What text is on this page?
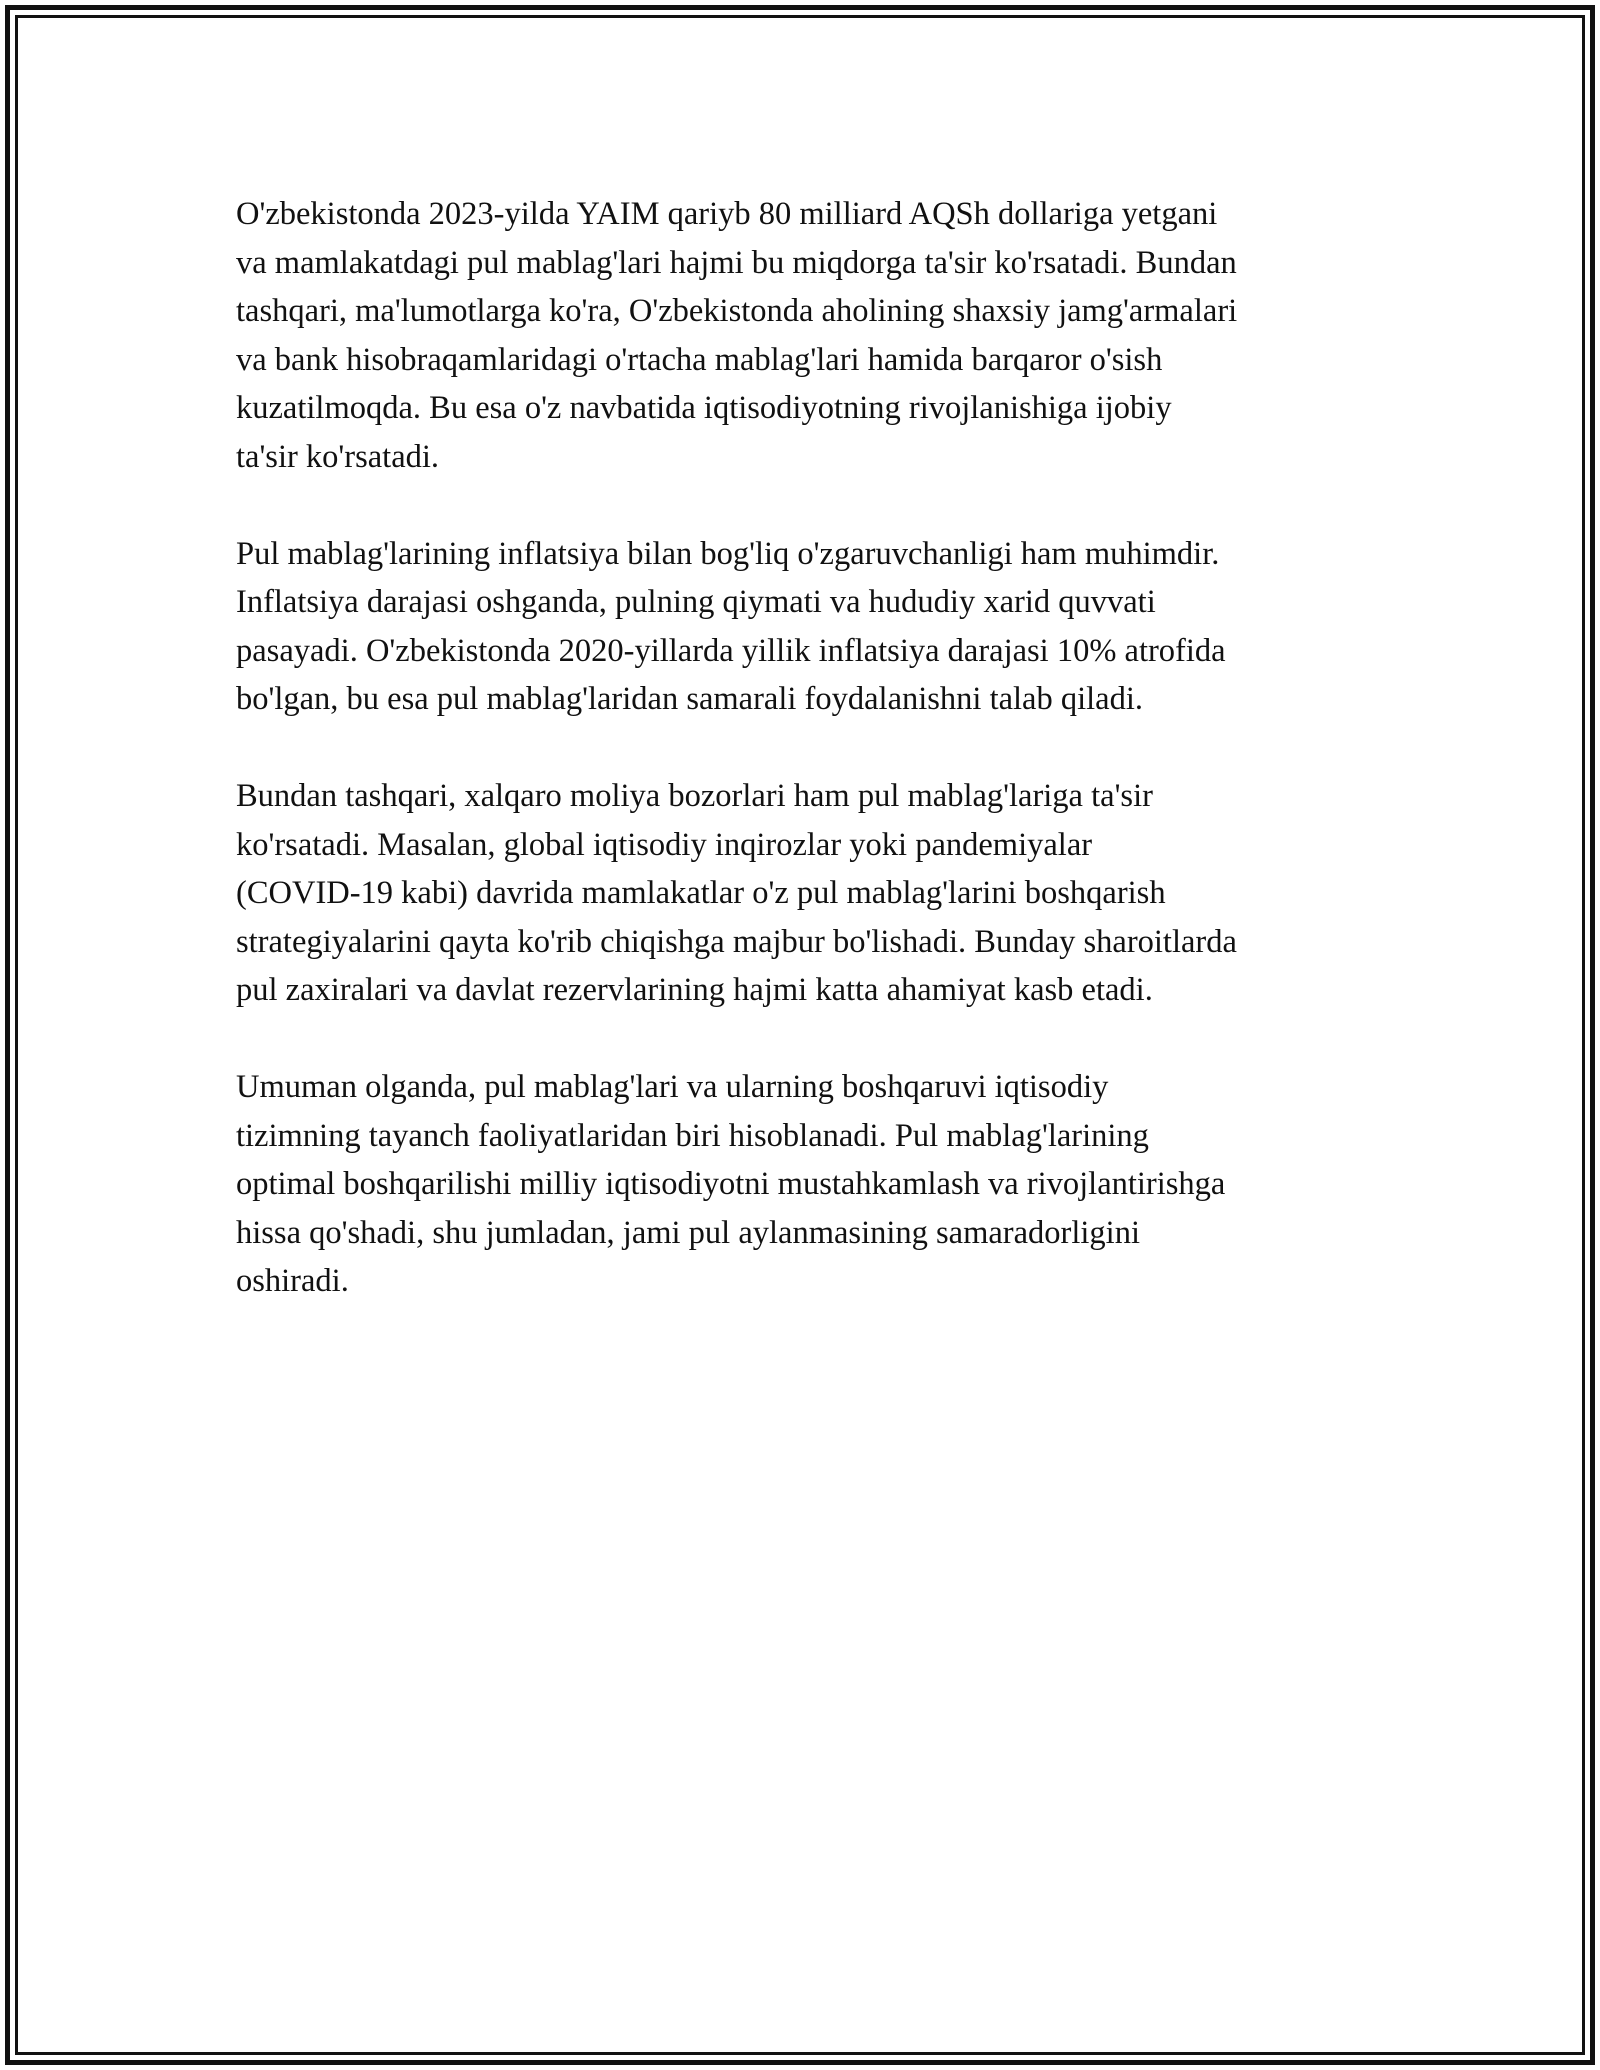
O'zbekistonda 2023-yilda YAIM qariyb 80 milliard AQSh dollariga yetgani
va mamlakatdagi pul mablag'lari hajmi bu miqdorga ta'sir ko'rsatadi. Bundan
tashqari, ma'lumotlarga ko'ra, O'zbekistonda aholining shaxsiy jamg'armalari
va bank hisobraqamlaridagi o'rtacha mablag'lari hamida barqaror o'sish
kuzatilmoqda. Bu esa o'z navbatida iqtisodiyotning rivojlanishiga ijobiy
ta'sir ko'rsatadi.

Pul mablag'larining inflatsiya bilan bog'liq o'zgaruvchanligi ham muhimdir.
Inflatsiya darajasi oshganda, pulning qiymati va hududiy xarid quvvati
pasayadi. O'zbekistonda 2020-yillarda yillik inflatsiya darajasi 10% atrofida
bo'lgan, bu esa pul mablag'laridan samarali foydalanishni talab qiladi.

Bundan tashqari, xalqaro moliya bozorlari ham pul mablag'lariga ta'sir
ko'rsatadi. Masalan, global iqtisodiy inqirozlar yoki pandemiyalar
(COVID-19 kabi) davrida mamlakatlar o'z pul mablag'larini boshqarish
strategiyalarini qayta ko'rib chiqishga majbur bo'lishadi. Bunday sharoitlarda
pul zaxiralari va davlat rezervlarining hajmi katta ahamiyat kasb etadi.

Umuman olganda, pul mablag'lari va ularning boshqaruvi iqtisodiy
tizimning tayanch faoliyatlaridan biri hisoblanadi. Pul mablag'larining
optimal boshqarilishi milliy iqtisodiyotni mustahkamlash va rivojlantirishga
hissa qo'shadi, shu jumladan, jami pul aylanmasining samaradorligini
oshiradi.
